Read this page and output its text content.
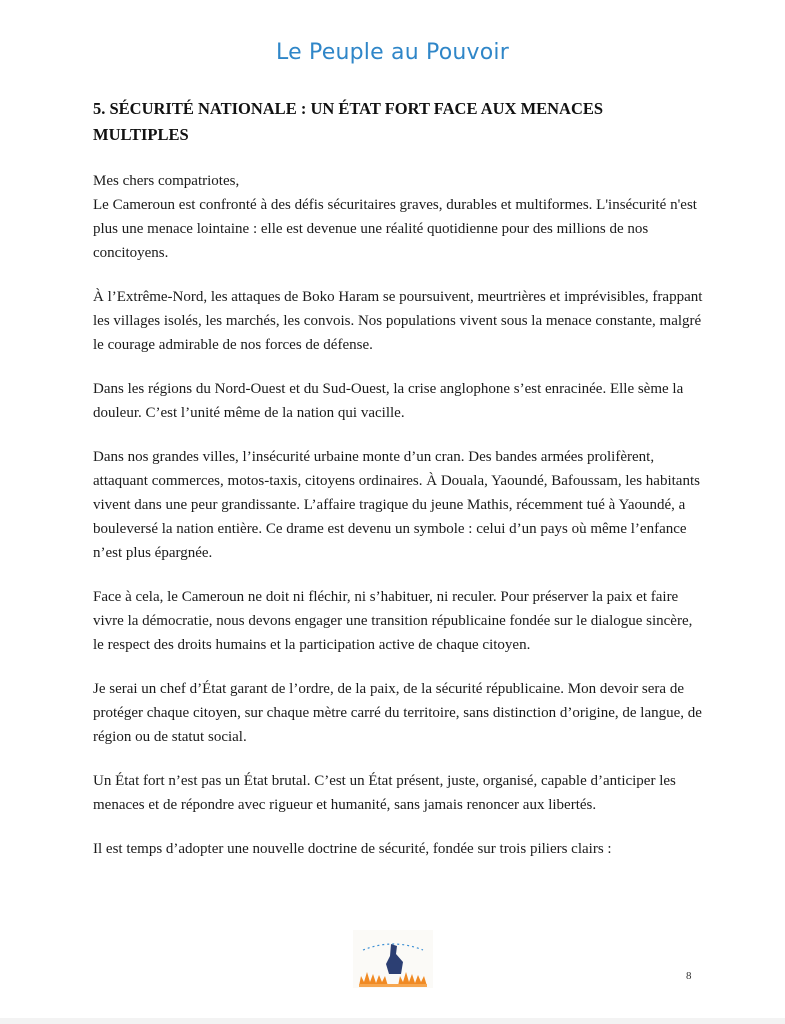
Le Peuple au Pouvoir
5. SÉCURITÉ NATIONALE : UN ÉTAT FORT FACE AUX MENACES
MULTIPLES

Mes chers compatriotes,

Le Cameroun est confronté à des défis sécuritaires graves, durables et multiformes. L'insécurité n'est plus une menace lointaine : elle est devenue une réalité quotidienne pour des millions de nos concitoyens.

À l’Extrême-Nord, les attaques de Boko Haram se poursuivent, meurtrières et imprévisibles, frappant les villages isolés, les marchés, les convois. Nos populations vivent sous la menace constante, malgré le courage admirable de nos forces de défense.

Dans les régions du Nord-Ouest et du Sud-Ouest, la crise anglophone s’est enracinée. Elle sème la douleur. C’est l’unité même de la nation qui vacille.

Dans nos grandes villes, l’insécurité urbaine monte d’un cran. Des bandes armées prolifèrent, attaquant commerces, motos-taxis, citoyens ordinaires. À Douala, Yaoundé, Bafoussam, les habitants vivent dans une peur grandissante. L’affaire tragique du jeune Mathis, récemment tué à Yaoundé, a bouleversé la nation entière. Ce drame est devenu un symbole : celui d’un pays où même l’enfance n’est plus épargnée.

Face à cela, le Cameroun ne doit ni fléchir, ni s’habituer, ni reculer. Pour préserver la paix et faire vivre la démocratie, nous devons engager une transition républicaine fondée sur le dialogue sincère, le respect des droits humains et la participation active de chaque citoyen.

Je serai un chef d’État garant de l’ordre, de la paix, de la sécurité républicaine. Mon devoir sera de protéger chaque citoyen, sur chaque mètre carré du territoire, sans distinction d’origine, de langue, de région ou de statut social.

Un État fort n’est pas un État brutal. C’est un État présent, juste, organisé, capable d’anticiper les menaces et de répondre avec rigueur et humanité, sans jamais renoncer aux libertés.

Il est temps d’adopter une nouvelle doctrine de sécurité, fondée sur trois piliers clairs :

8
